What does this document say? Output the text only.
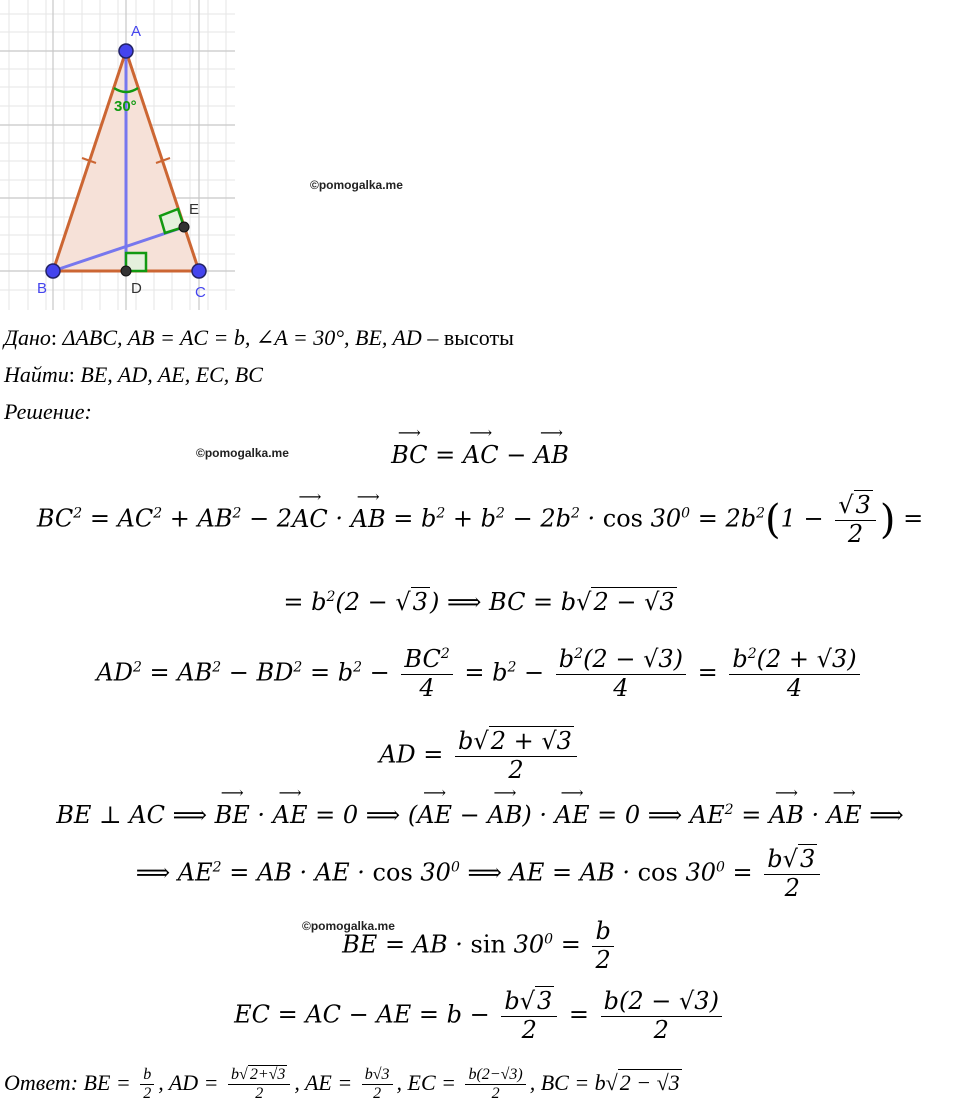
30°
A
B	C
D
E
©pomogalka.me
Дано: ΔABC, AB = AC = b, ∠A = 30°, BE, AD – высоты
Найти: BE, AD, AE, EC, BC
Решение:
©pomogalka.me
⟶	BC = ⟶ AC − ⟶ AB
$BC^2 = AC^2 + AB^2$ − 2⟶ AC · ⟶ AB = $b^2 + b^2 - 2b^2 \cdot \cos 30^0 = 2b^2(1 - \frac{√3}{2}$ ) =
= $b^2(2 - √3)$ ⟹ BC = b√2 − √3
$AD^2 = AB^2 - BD^2 = b^2 - \frac{BC^2}{4} = b^2 - \frac{b^2(2 - √3)}{4} = \frac{b^2(2 + √3)}{4}$
AD = $\frac{b√2 + √3}{2}$
BE ⊥ AC ⟹ ⟶ BE · ⟶ AE = 0 ⟹ (⟶ AE − ⟶ AB) · ⟶ AE = 0 ⟹ $AE^2$ = ⟶ AB · ⟶ AE ⟹
⟹ $AE^2$ = AB · AE · $\cos 30^0$ ⟹ AE = AB · $\cos 30^0 = \frac{b√3}{2}$
©pomogalka.me
BE = AB · $\sin 30^0 = \frac{b}{2}$
EC = AC − AE = $b - \frac{b√3}{2} = \frac{b(2 - √3)}{2}$
Ответ: BE = $\frac{b}{2}$ , AD = $\frac{b√ 2+√3}{2}$ , AE = $\frac{b√3}{2}$ , EC = $\frac{b(2-√3)}{2}$ , BC = b√2 − √3
